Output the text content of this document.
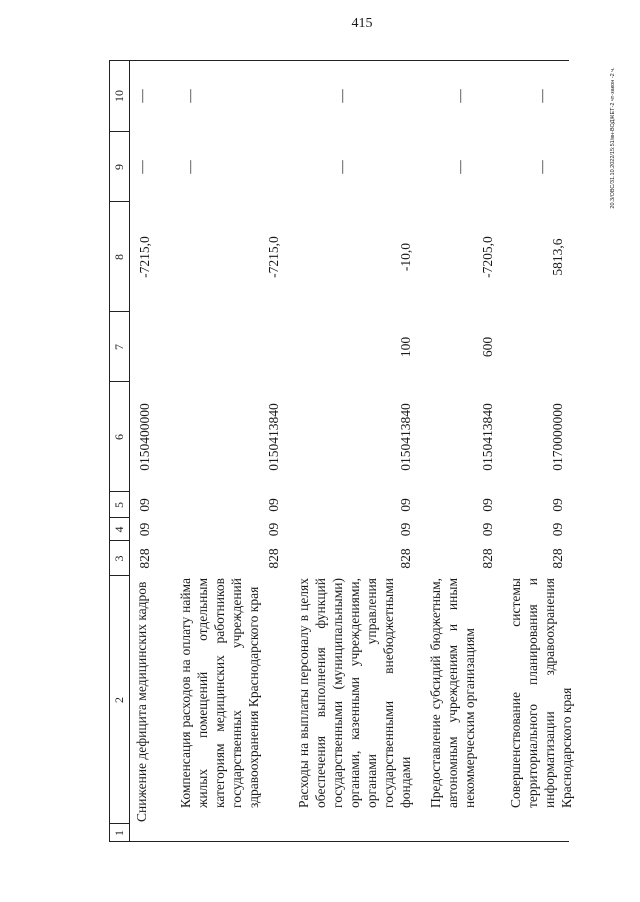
415
20.3/ОВС/31.10.2022/15:51/вн-ВОДЖЕТ-2 чт-закон -2 ч.
1
2
3
4
5
6
7
8
9
10
Снижение дефицита медицинских кадров
828
09
09
0150400000
-7215,0
—
—
Компенсация расходов на оплату найма жилых помещений отдельным категориям медицинских работников государственных учреждений здравоохранения Краснодарского края
828
09
09
0150413840
-7215,0
—
—
Расходы на выплаты персоналу в целях обеспечения выполнения функций государственными (муниципальными) органами, казенными учреждениями, органами управления государственными внебюджетными фондами
828
09
09
0150413840
100
-10,0
—
—
Предоставление субсидий бюджетным, автономным учреждениям и иным некоммерческим организациям
828
09
09
0150413840
600
-7205,0
—
—
Совершенствование системы территориального планирования и информатизации здравоохранения Краснодарского края
828
09
09
0170000000
5813,6
—
—
